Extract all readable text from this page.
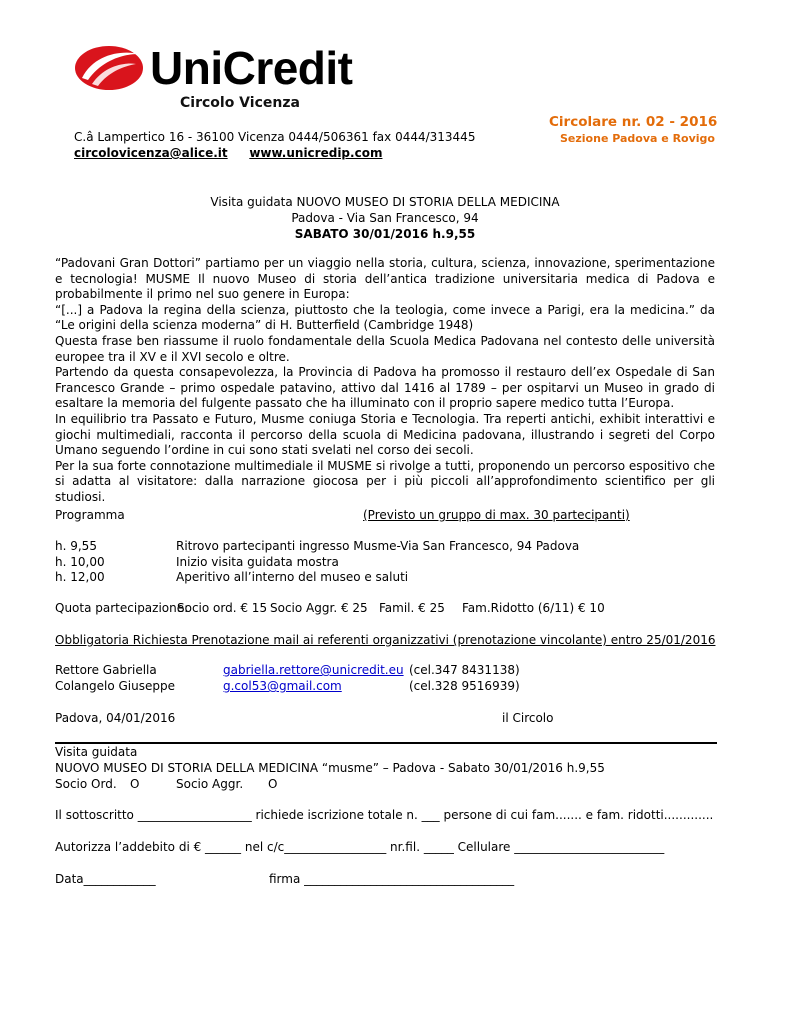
UniCredit
Circolo Vicenza
C.â Lampertico 16 - 36100 Vicenza 0444/506361 fax 0444/313445
circolovicenza@alice.it www.unicredip.com
Circolare nr. 02 - 2016
Sezione Padova e Rovigo
Visita guidata NUOVO MUSEO DI STORIA DELLA MEDICINA
Padova - Via San Francesco, 94
SABATO 30/01/2016 h.9,55
“Padovani Gran Dottori” partiamo per un viaggio nella storia, cultura, scienza, innovazione, sperimentazione e tecnologia! MUSME Il nuovo Museo di storia dell’antica tradizione universitaria medica di Padova e probabilmente il primo nel suo genere in Europa:
“[...] a Padova la regina della scienza, piuttosto che la teologia, come invece a Parigi, era la medicina.” da “Le origini della scienza moderna” di H. Butterfield (Cambridge 1948)
Questa frase ben riassume il ruolo fondamentale della Scuola Medica Padovana nel contesto delle università europee tra il XV e il XVI secolo e oltre.
Partendo da questa consapevolezza, la Provincia di Padova ha promosso il restauro dell’ex Ospedale di San Francesco Grande – primo ospedale patavino, attivo dal 1416 al 1789 – per ospitarvi un Museo in grado di esaltare la memoria del fulgente passato che ha illuminato con il proprio sapere medico tutta l’Europa.
In equilibrio tra Passato e Futuro, Musme coniuga Storia e Tecnologia. Tra reperti antichi, exhibit interattivi e giochi multimediali, racconta il percorso della scuola di Medicina padovana, illustrando i segreti del Corpo Umano seguendo l’ordine in cui sono stati svelati nel corso dei secoli.
Per la sua forte connotazione multimediale il MUSME si rivolge a tutti, proponendo un percorso espositivo che si adatta al visitatore: dalla narrazione giocosa per i più piccoli all’approfondimento scientifico per gli studiosi.
Programma	(Previsto un gruppo di max. 30 partecipanti)
h. 9,55	Ritrovo partecipanti ingresso Musme-Via San Francesco, 94 Padova
h. 10,00	Inizio visita guidata mostra
h. 12,00	Aperitivo all’interno del museo e saluti
Quota partecipazione:
Socio ord. € 15 Socio Aggr. € 25 Famil. € 25 Fam.Ridotto (6/11) € 10
Obbligatoria Richiesta Prenotazione mail ai referenti organizzativi (prenotazione vincolante) entro 25/01/2016
Rettore Gabriella	gabriella.rettore@unicredit.eu (cel.347 8431138)
Colangelo Giuseppe	g.col53@gmail.com	(cel.328 9516939)
Padova, 04/01/2016	il Circolo
Visita guidata
NUOVO MUSEO DI STORIA DELLA MEDICINA “musme” – Padova - Sabato 30/01/2016 h.9,55
Socio Ord. O	Socio Aggr. O
Il sottoscritto ___________________ richiede iscrizione totale n. ___ persone di cui fam....... e fam. ridotti.............
Autorizza l’addebito di € ______ nel c/c_________________ nr.fil. _____ Cellulare _________________________
Data____________	firma ___________________________________
